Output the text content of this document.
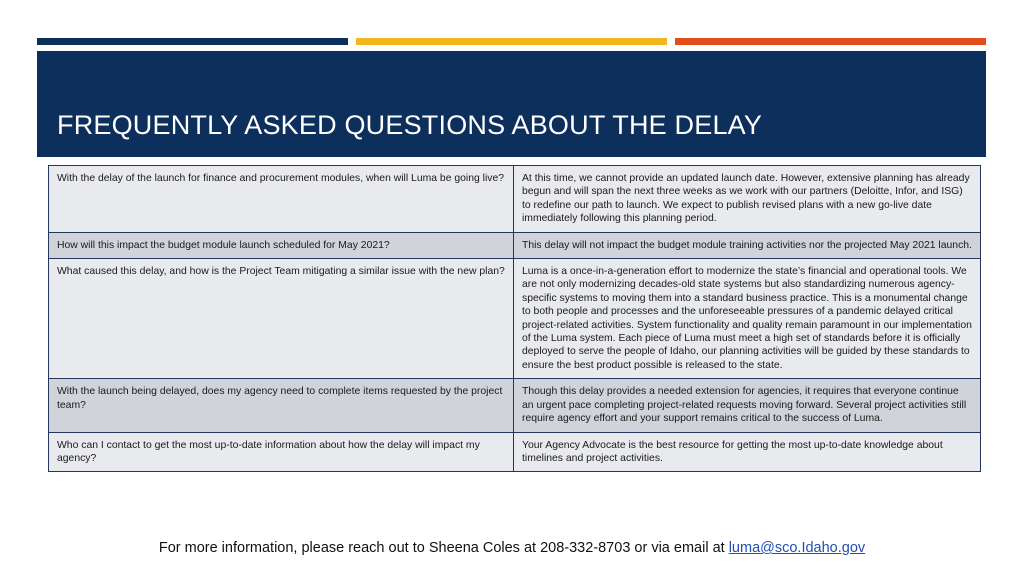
FREQUENTLY ASKED QUESTIONS ABOUT THE DELAY
With the delay of the launch for finance and procurement modules, when will Luma be going live?	At this time, we cannot provide an updated launch date. However, extensive planning has already begun and will span the next three weeks as we work with our partners (Deloitte, Infor, and ISG) to redefine our path to launch. We expect to publish revised plans with a new go-live date immediately following this planning period.
How will this impact the budget module launch scheduled for May 2021?	This delay will not impact the budget module training activities nor the projected May 2021 launch.
What caused this delay, and how is the Project Team mitigating a similar issue with the new plan?	Luma is a once-in-a-generation effort to modernize the state’s financial and operational tools. We are not only modernizing decades-old state systems but also standardizing numerous agency-specific systems to moving them into a standard business practice. This is a monumental change to both people and processes and the unforeseeable pressures of a pandemic delayed critical project-related activities. System functionality and quality remain paramount in our implementation of the Luma system. Each piece of Luma must meet a high set of standards before it is officially deployed to serve the people of Idaho, our planning activities will be guided by these standards to ensure the best product possible is released to the state.
With the launch being delayed, does my agency need to complete items requested by the project team?	Though this delay provides a needed extension for agencies, it requires that everyone continue an urgent pace completing project-related requests moving forward. Several project activities still require agency effort and your support remains critical to the success of Luma.
Who can I contact to get the most up-to-date information about how the delay will impact my agency?	Your Agency Advocate is the best resource for getting the most up-to-date knowledge about timelines and project activities.
For more information, please reach out to Sheena Coles at 208-332-8703 or via email at luma@sco.Idaho.gov
